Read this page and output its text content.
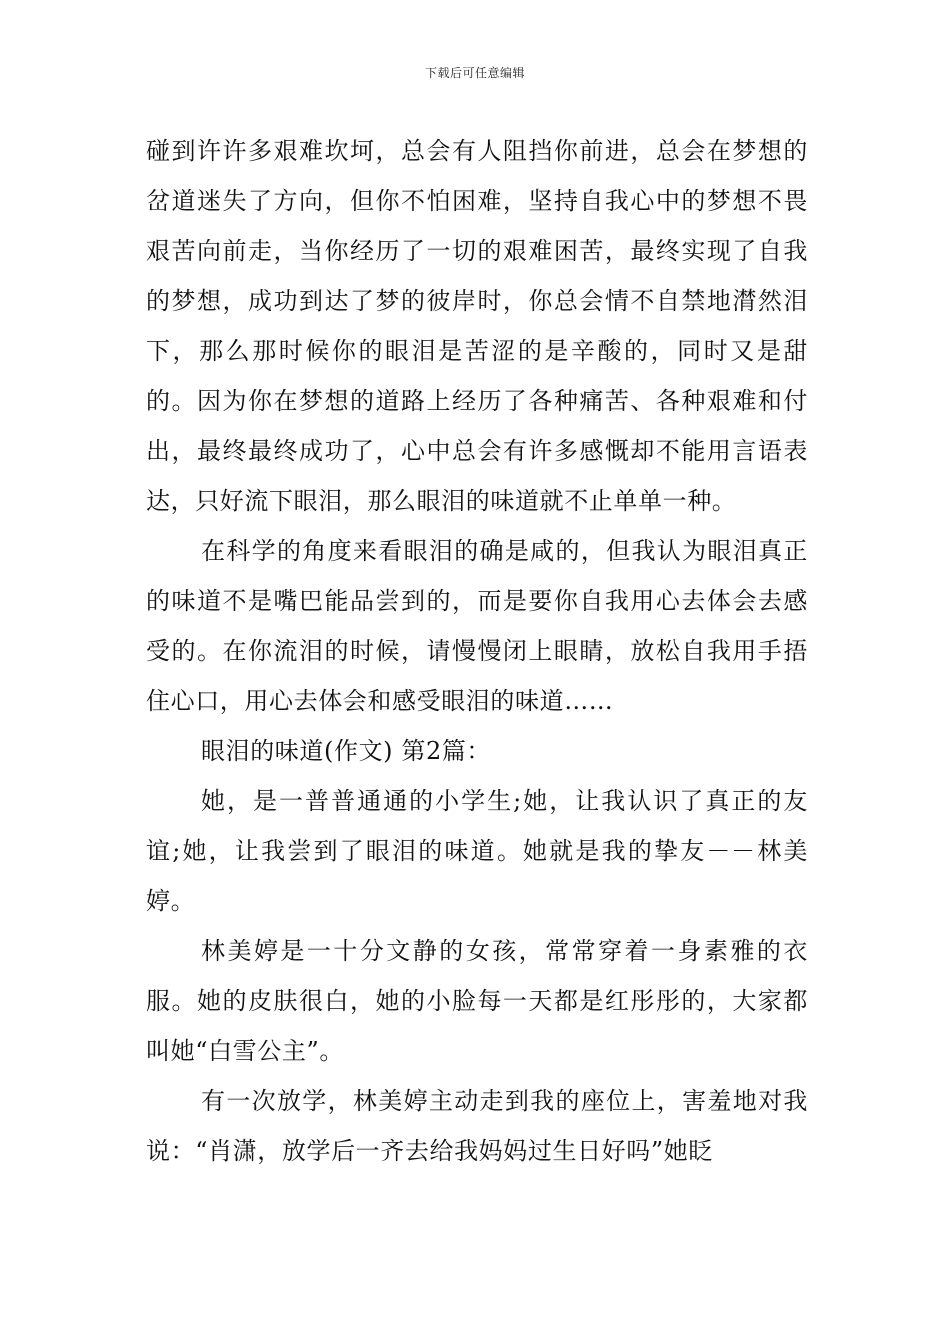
下载后可任意编辑

碰到许许多艰难坎坷，总会有人阻挡你前进，总会在梦想的岔道迷失了方向，但你不怕困难，坚持自我心中的梦想不畏艰苦向前走，当你经历了一切的艰难困苦，最终实现了自我的梦想，成功到达了梦的彼岸时，你总会情不自禁地潸然泪下，那么那时候你的眼泪是苦涩的是辛酸的，同时又是甜的。因为你在梦想的道路上经历了各种痛苦、各种艰难和付出，最终最终成功了，心中总会有许多感慨却不能用言语表达，只好流下眼泪，那么眼泪的味道就不止单单一种。

在科学的角度来看眼泪的确是咸的，但我认为眼泪真正的味道不是嘴巴能品尝到的，而是要你自我用心去体会去感受的。在你流泪的时候，请慢慢闭上眼睛，放松自我用手捂住心口，用心去体会和感受眼泪的味道……

眼泪的味道(作文) 第2篇：

她，是一普普通通的小学生;她，让我认识了真正的友谊;她，让我尝到了眼泪的味道。她就是我的挚友－－林美婷。

林美婷是一十分文静的女孩，常常穿着一身素雅的衣服。她的皮肤很白，她的小脸每一天都是红彤彤的，大家都叫她“白雪公主”。

有一次放学，林美婷主动走到我的座位上，害羞地对我说：“肖潇，放学后一齐去给我妈妈过生日好吗”她眨
